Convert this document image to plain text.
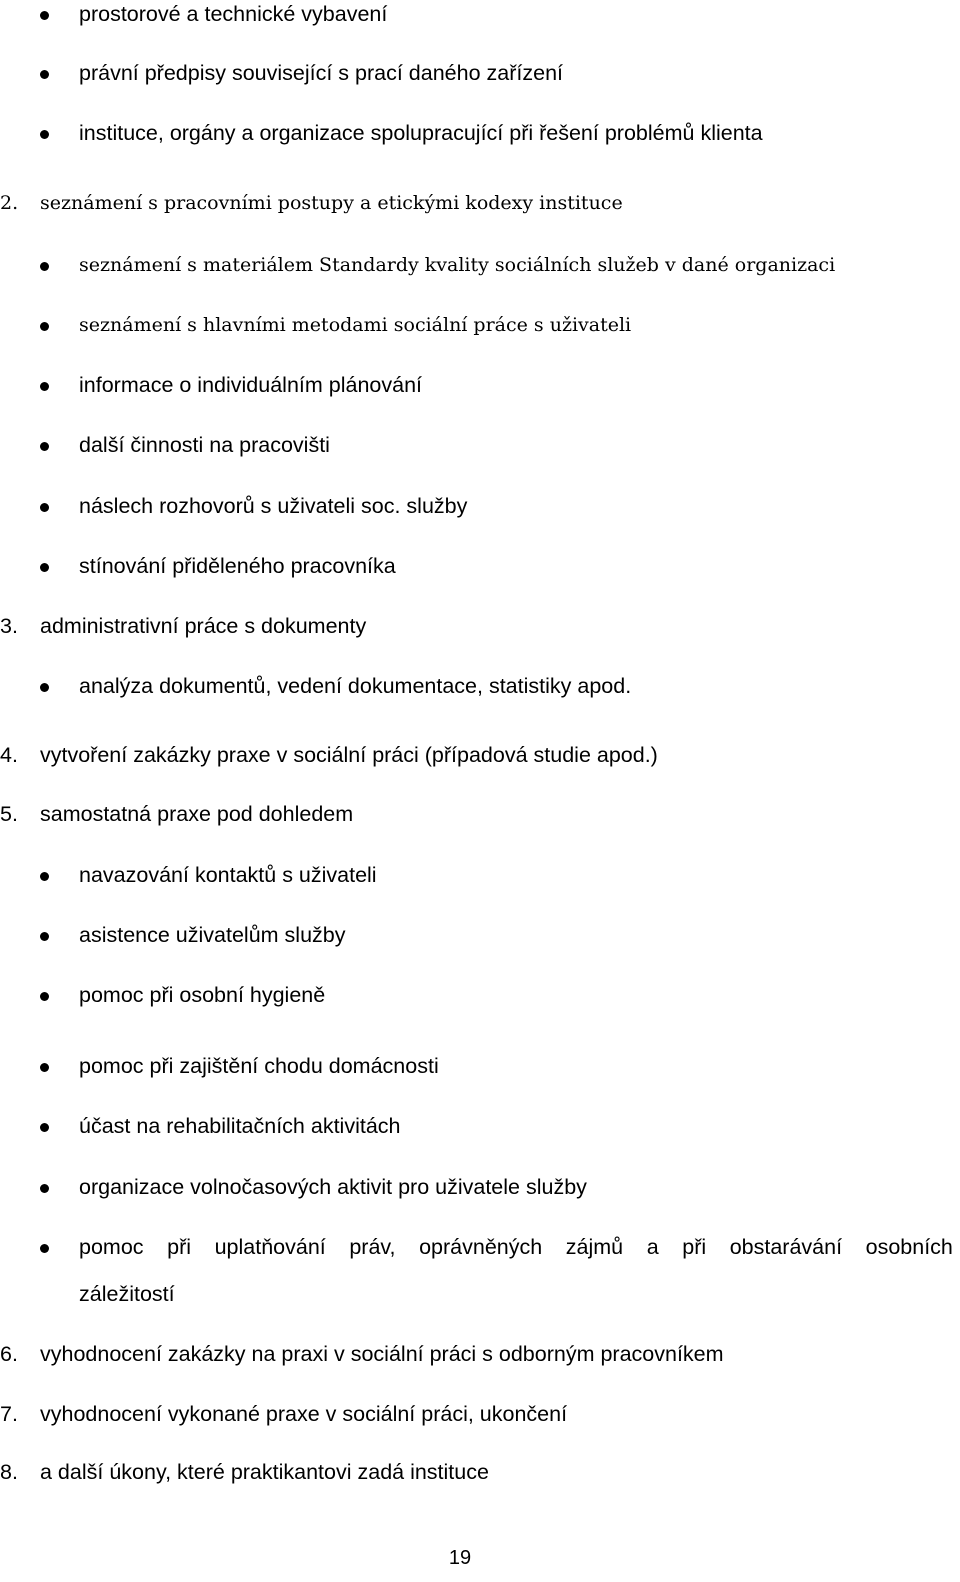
prostorové a technické vybavení
právní předpisy související s prací daného zařízení
instituce, orgány a organizace spolupracující při řešení problémů klienta
2. seznámení s pracovními postupy a etickými kodexy instituce
seznámení s materiálem Standardy kvality sociálních služeb v dané organizaci
seznámení s hlavními metodami sociální práce s uživateli
informace o individuálním plánování
další činnosti na pracovišti
náslech rozhovorů s uživateli soc. služby
stínování přiděleného pracovníka
3. administrativní práce s dokumenty
analýza dokumentů, vedení dokumentace, statistiky apod.
4. vytvoření zakázky praxe v sociální práci (případová studie apod.)
5. samostatná praxe pod dohledem
navazování kontaktů s uživateli
asistence uživatelům služby
pomoc při osobní hygieně
pomoc při zajištění chodu domácnosti
účast na rehabilitačních aktivitách
organizace volnočasových aktivit pro uživatele služby
pomoc při uplatňování práv, oprávněných zájmů a při obstarávání osobních
záležitostí
6. vyhodnocení zakázky na praxi v sociální práci s odborným pracovníkem
7. vyhodnocení vykonané praxe v sociální práci, ukončení
8. a další úkony, které praktikantovi zadá instituce
19
